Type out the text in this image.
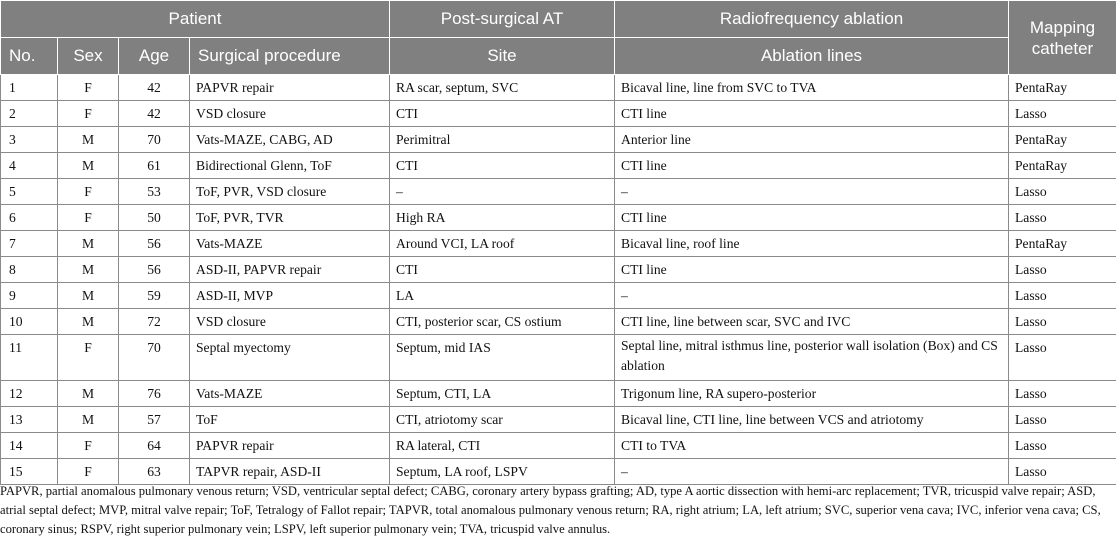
Patient				Post-surgical AT	Radiofrequency ablation	Mapping catheter
No.	Sex	Age	Surgical procedure	Site	Ablation lines	
1	F	42	PAPVR repair	RA scar, septum, SVC	Bicaval line, line from SVC to TVA	PentaRay
2	F	42	VSD closure	CTI	CTI line	Lasso
3	M	70	Vats-MAZE, CABG, AD	Perimitral	Anterior line	PentaRay
4	M	61	Bidirectional Glenn, ToF	CTI	CTI line	PentaRay
5	F	53	ToF, PVR, VSD closure	–	–	Lasso
6	F	50	ToF, PVR, TVR	High RA	CTI line	Lasso
7	M	56	Vats-MAZE	Around VCI, LA roof	Bicaval line, roof line	PentaRay
8	M	56	ASD-II, PAPVR repair	CTI	CTI line	Lasso
9	M	59	ASD-II, MVP	LA	–	Lasso
10	M	72	VSD closure	CTI, posterior scar, CS ostium	CTI line, line between scar, SVC and IVC	Lasso
11	F	70	Septal myectomy	Septum, mid IAS	Septal line, mitral isthmus line, posterior wall isolation (Box) and CS ablation	Lasso
12	M	76	Vats-MAZE	Septum, CTI, LA	Trigonum line, RA supero-posterior	Lasso
13	M	57	ToF	CTI, atriotomy scar	Bicaval line, CTI line, line between VCS and atriotomy	Lasso
14	F	64	PAPVR repair	RA lateral, CTI	CTI to TVA	Lasso
15	F	63	TAPVR repair, ASD-II	Septum, LA roof, LSPV	–	Lasso
PAPVR, partial anomalous pulmonary venous return; VSD, ventricular septal defect; CABG, coronary artery bypass grafting; AD, type A aortic dissection with hemi-arc replacement; TVR, tricuspid valve repair; ASD, atrial septal defect; MVP, mitral valve repair; ToF, Tetralogy of Fallot repair; TAPVR, total anomalous pulmonary venous return; RA, right atrium; LA, left atrium; SVC, superior vena cava; IVC, inferior vena cava; CS, coronary sinus; RSPV, right superior pulmonary vein; LSPV, left superior pulmonary vein; TVA, tricuspid valve annulus.
